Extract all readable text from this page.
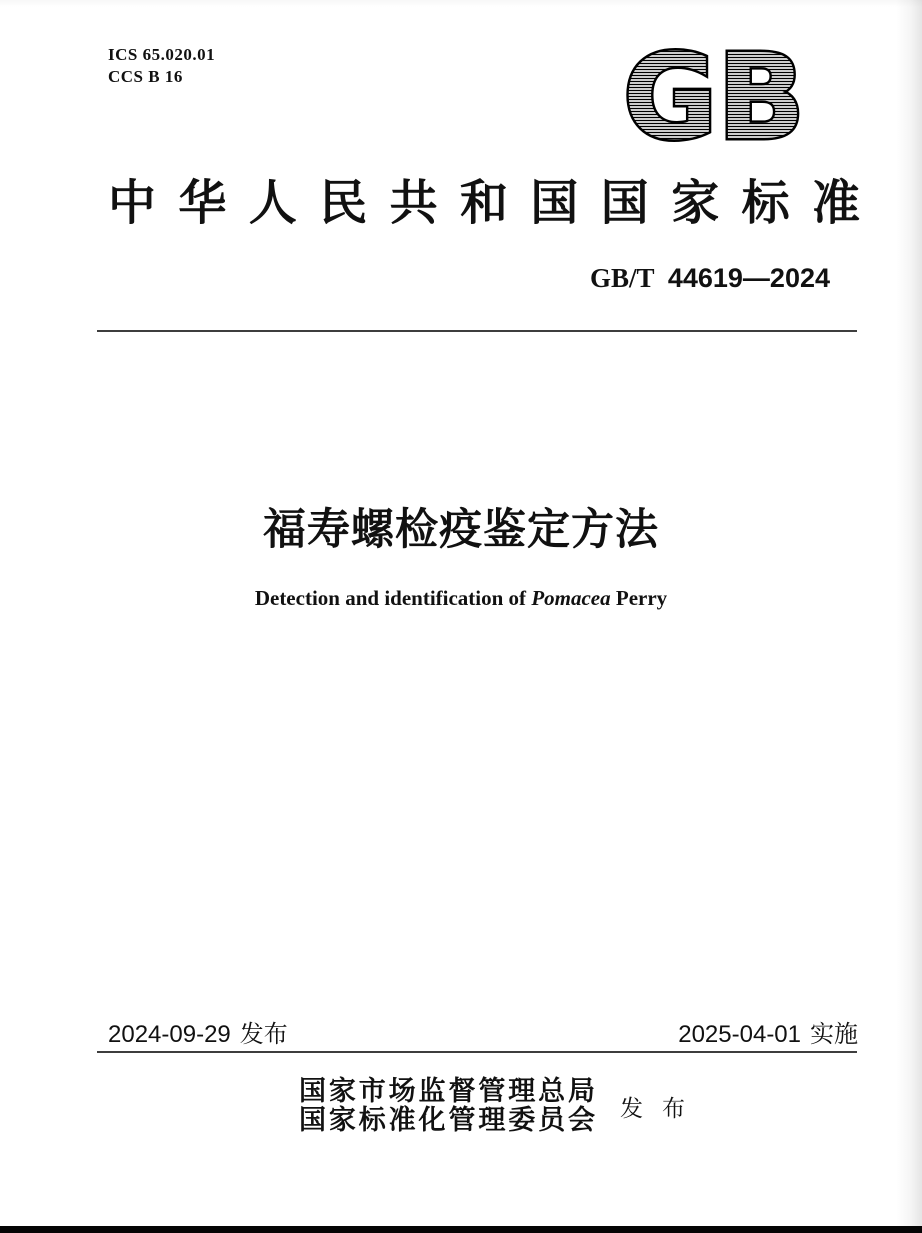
ICS 65.020.01
CCS B 16	GB
中华人民共和国国家标准
GB/T 44619—2024
福寿螺检疫鉴定方法
Detection and identification of Pomacea Perry
2024-09-29 发布	2025-04-01 实施
国家市场监督管理总局
国家标准化管理委员会 发 布
